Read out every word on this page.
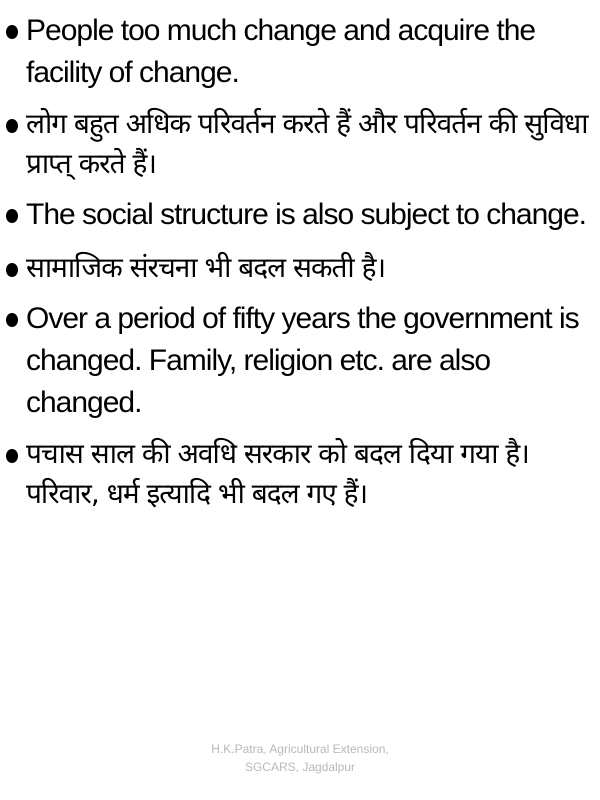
People too much change and acquire the facility of change.
लोग बहुत अधिक परिवर्तन करते हैं और परिवर्तन की सुविधा प्राप्त् करते हैं।
The social structure is also subject to change.
सामाजिक संरचना भी बदल सकती है।
Over a period of fifty years the government is changed. Family, religion etc. are also changed.
पचास साल की अवधि सरकार को बदल दिया गया है। परिवार, धर्म इत्यादि भी बदल गए हैं।
H.K.Patra, Agricultural Extension,
SGCARS, Jagdalpur
